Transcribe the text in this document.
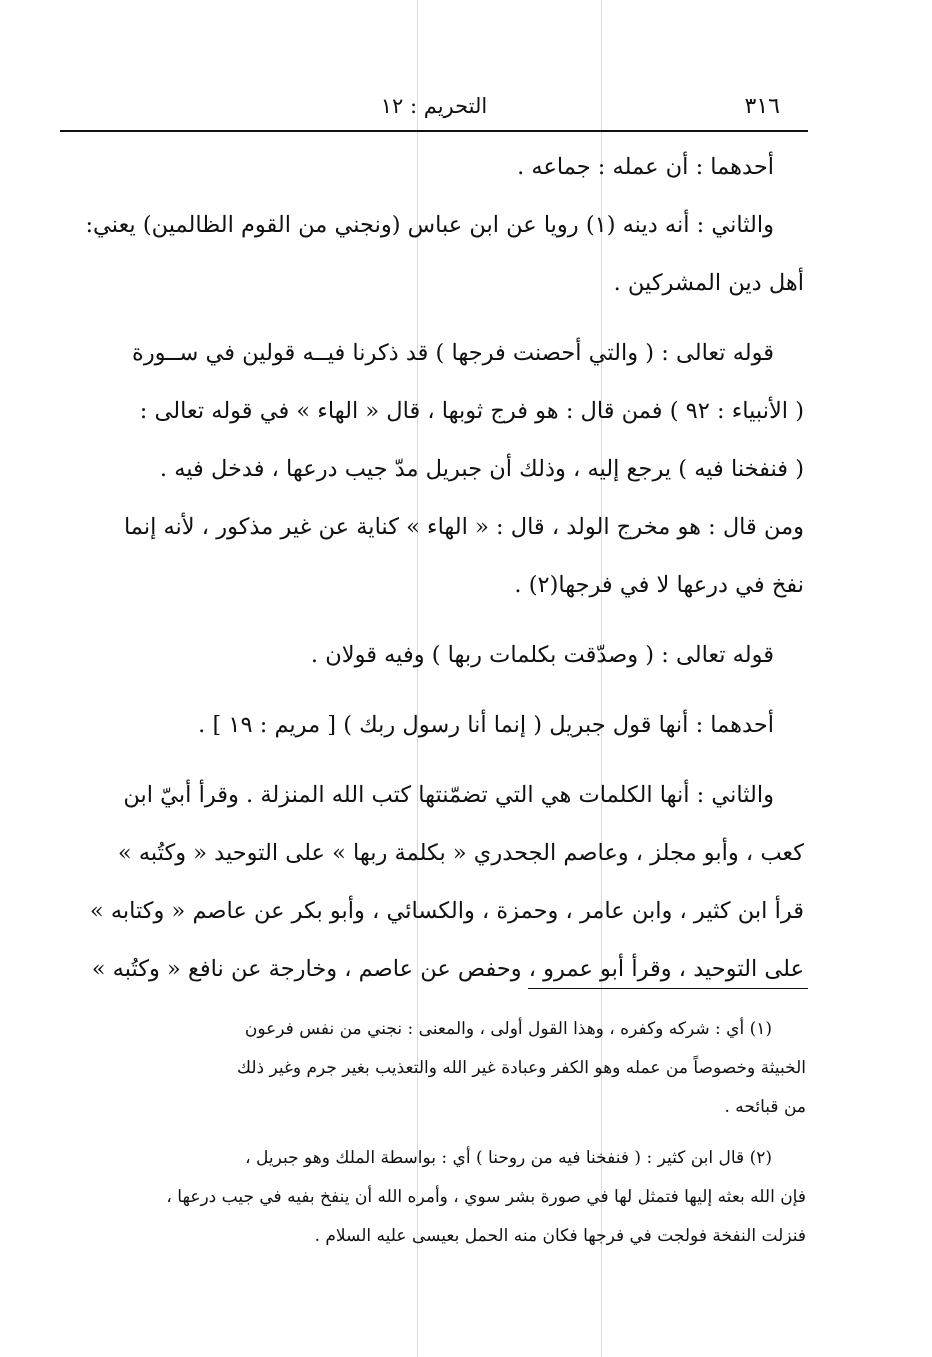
٣١٦
التحريم : ١٢
أحدهما : أن عمله : جماعه .
والثاني : أنه دينه (١) رويا عن ابن عباس (ونجني من القوم الظالمين) يعني:
أهل دين المشركين .
قوله تعالى : ( والتي أحصنت فرجها ) قد ذكرنا فيــه قولين في ســورة
( الأنبياء : ٩٢ ) فمن قال : هو فرج ثوبها ، قال « الهاء » في قوله تعالى :
( فنفخنا فيه ) يرجع إليه ، وذلك أن جبريل مدّ جيب درعها ، فدخل فيه .
ومن قال : هو مخرج الولد ، قال : « الهاء » كناية عن غير مذكور ، لأنه إنما
نفخ في درعها لا في فرجها(٢) .
قوله تعالى : ( وصدّقت بكلمات ربها ) وفيه قولان .
أحدهما : أنها قول جبريل ( إنما أنا رسول ربك ) [ مريم : ١٩ ] .
والثاني : أنها الكلمات هي التي تضمّنتها كتب الله المنزلة . وقرأ أبيّ ابن
كعب ، وأبو مجلز ، وعاصم الجحدري « بكلمة ربها » على التوحيد « وكتُبه »
قرأ ابن كثير ، وابن عامر ، وحمزة ، والكسائي ، وأبو بكر عن عاصم « وكتابه »
على التوحيد ، وقرأ أبو عمرو ، وحفص عن عاصم ، وخارجة عن نافع « وكتُبه »
(١) أي : شركه وكفره ، وهذا القول أولى ، والمعنى : نجني من نفس فرعون
الخبيثة وخصوصاً من عمله وهو الكفر وعبادة غير الله والتعذيب بغير جرم وغير ذلك
من قبائحه .
(٢) قال ابن كثير : ( فنفخنا فيه من روحنا ) أي : بواسطة الملك وهو جبريل ،
فإن الله بعثه إليها فتمثل لها في صورة بشر سوي ، وأمره الله أن ينفخ بفيه في جيب درعها ،
فنزلت النفخة فولجت في فرجها فكان منه الحمل بعيسى عليه السلام .
